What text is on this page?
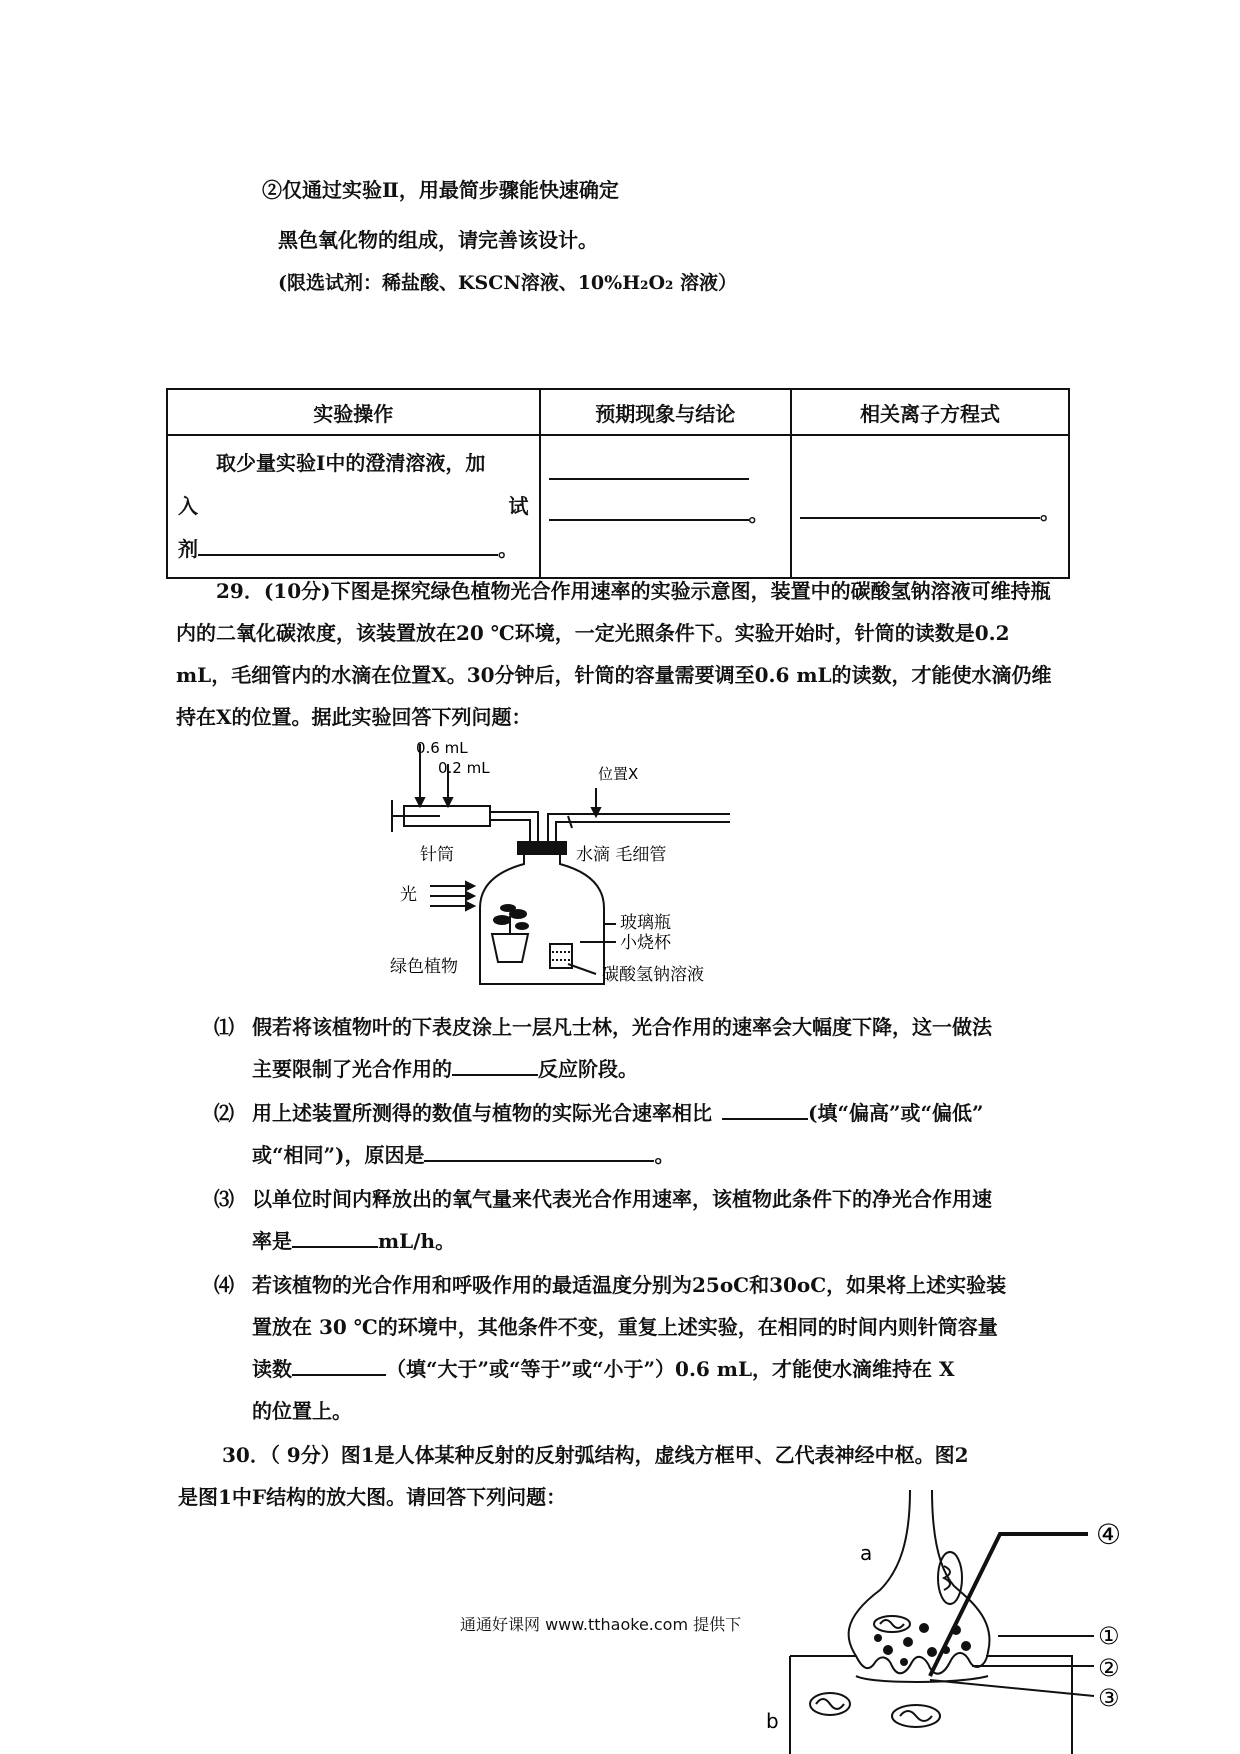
②仅通过实验Ⅱ，用最简步骤能快速确定
黑色氧化物的组成，请完善该设计。
(限选试剂：稀盐酸、KSCN溶液、10%H₂O₂ 溶液）
实验操作	预期现象与结论	相关离子方程式

取少量实验Ⅰ中的澄清溶液，加
入 试
剂 。	。	。
29．(10分)下图是探究绿色植物光合作用速率的实验示意图，装置中的碳酸氢钠溶液可维持瓶内的二氧化碳浓度，该装置放在20 ℃环境，一定光照条件下。实验开始时，针筒的读数是0.2 mL，毛细管内的水滴在位置X。30分钟后，针筒的容量需要调至0.6 mL的读数，才能使水滴仍维持在X的位置。据此实验回答下列问题：
0.6 mL
0.2 mL	位置X
针筒	水滴 毛细管
光
玻璃瓶
小烧杯
绿色植物	碳酸氢钠溶液
⑴ 假若将该植物叶的下表皮涂上一层凡士林，光合作用的速率会大幅度下降，这一做法
主要限制了光合作用的	反应阶段。
⑵ 用上述装置所测得的数值与植物的实际光合速率相比	(填“偏高”或“偏低”
或“相同”)，原因是	。
⑶ 以单位时间内释放出的氧气量来代表光合作用速率，该植物此条件下的净光合作用速
率是	mL/h。
⑷ 若该植物的光合作用和呼吸作用的最适温度分别为25oC和30oC，如果将上述实验装
置放在 30 ℃的环境中，其他条件不变，重复上述实验，在相同的时间内则针筒容量
读数	（填“大于”或“等于”或“小于”）0.6 mL，才能使水滴维持在 X
的位置上。
30．（ 9分）图1是人体某种反射的反射弧结构，虚线方框甲、乙代表神经中枢。图2
是图1中F结构的放大图。请回答下列问题：
a
b
①
②
③
④
通通好课网 www.tthaoke.com 提供下
